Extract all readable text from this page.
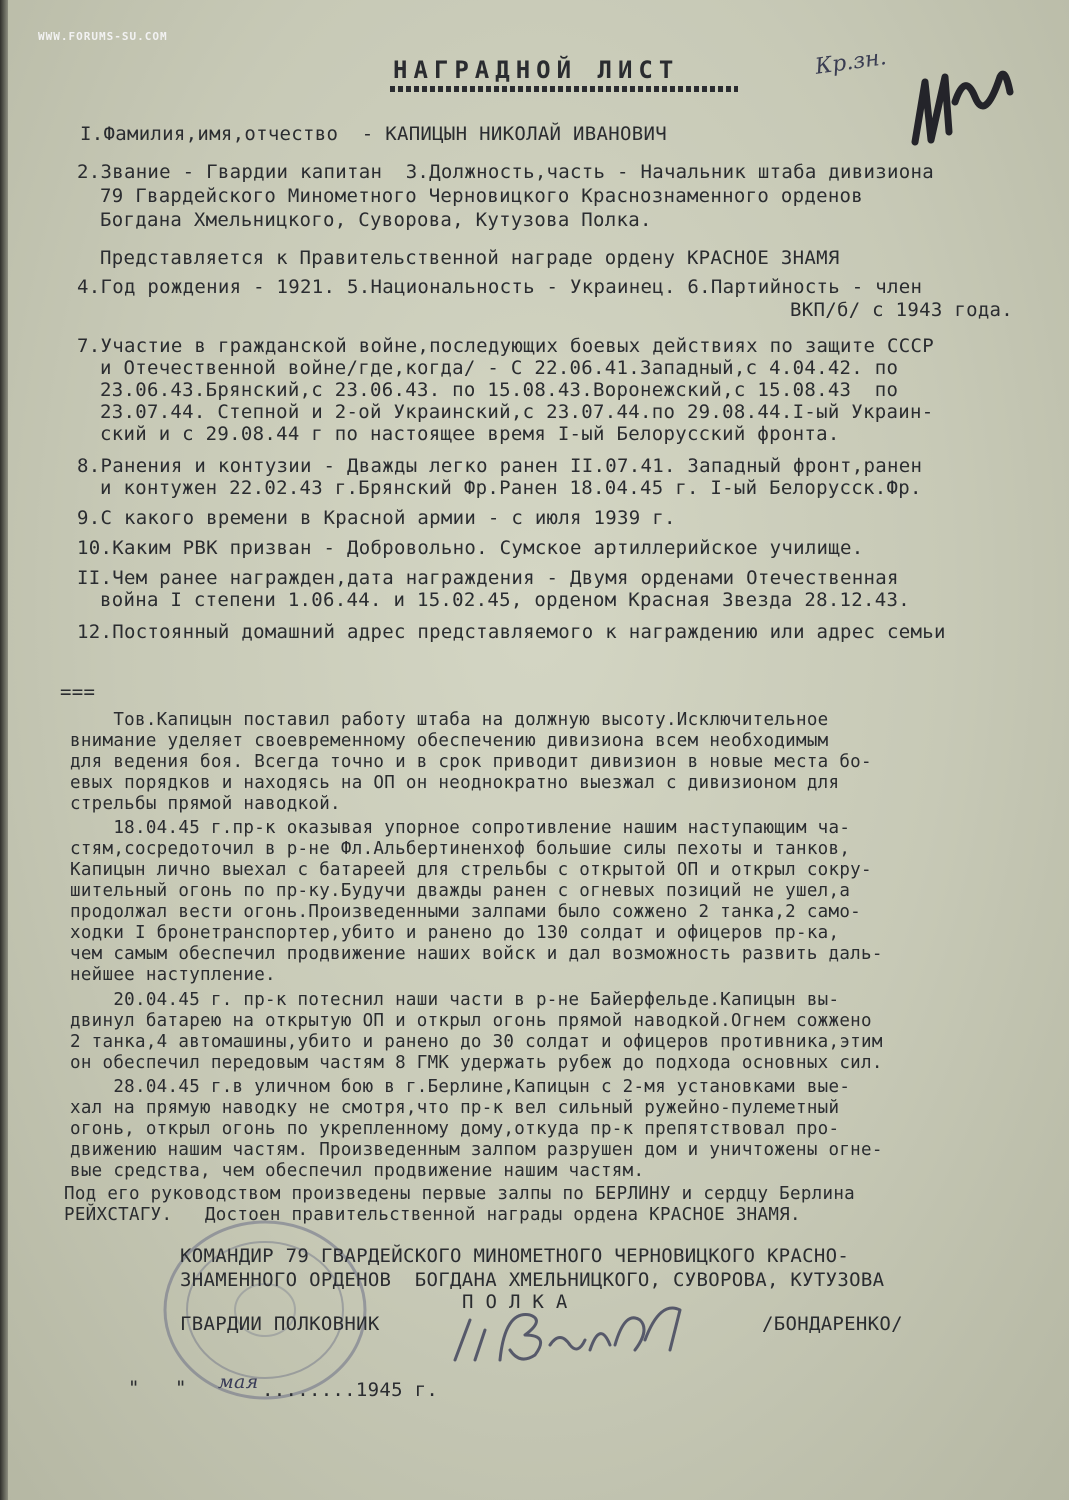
WWW.FORUMS-SU.COM
НАГРАДНОЙ ЛИСТ	Кр.зн.
I.Фамилия,имя,отчество  - КАПИЦЫН НИКОЛАЙ ИВАНОВИЧ
2.Звание - Гвардии капитан  3.Должность,часть - Начальник штаба дивизиона
79 Гвардейского Минометного Черновицкого Краснознаменного орденов
Богдана Хмельницкого, Суворова, Кутузова Полка.
Представляется к Правительственной награде ордену КРАСНОЕ ЗНАМЯ
4.Год рождения - 1921. 5.Национальность - Украинец. 6.Партийность - член
ВКП/б/ с 1943 года.
7.Участие в гражданской войне,последующих боевых действиях по защите СССР
и Отечественной войне/где,когда/ - С 22.06.41.Западный,с 4.04.42. по
23.06.43.Брянский,с 23.06.43. по 15.08.43.Воронежский,с 15.08.43  по
23.07.44. Степной и 2-ой Украинский,с 23.07.44.по 29.08.44.I-ый Украин-
ский и с 29.08.44 г по настоящее время I-ый Белорусский фронта.
8.Ранения и контузии - Дважды легко ранен II.07.41. Западный фронт,ранен
и контужен 22.02.43 г.Брянский Фр.Ранен 18.04.45 г. I-ый Белорусск.Фр.
9.С какого времени в Красной армии - с июля 1939 г.
10.Каким РВК призван - Добровольно. Сумское артиллерийское училище.
II.Чем ранее награжден,дата награждения - Двумя орденами Отечественная
война I степени 1.06.44. и 15.02.45, орденом Красная Звезда 28.12.43.
12.Постоянный домашний адрес представляемого к награждению или адрес семьи
===
Тов.Капицын поставил работу штаба на должную высоту.Исключительное
внимание уделяет своевременному обеспечению дивизиона всем необходимым
для ведения боя. Всегда точно и в срок приводит дивизион в новые места бо-
евых порядков и находясь на ОП он неоднократно выезжал с дивизионом для
стрельбы прямой наводкой.
18.04.45 г.пр-к оказывая упорное сопротивление нашим наступающим ча-
стям,сосредоточил в р-не Фл.Альбертиненхоф большие силы пехоты и танков,
Капицын лично выехал с батареей для стрельбы с открытой ОП и открыл сокру-
шительный огонь по пр-ку.Будучи дважды ранен с огневых позиций не ушел,а
продолжал вести огонь.Произведенными залпами было сожжено 2 танка,2 само-
ходки I бронетранспортер,убито и ранено до 130 солдат и офицеров пр-ка,
чем самым обеспечил продвижение наших войск и дал возможность развить даль-
нейшее наступление.
20.04.45 г. пр-к потеснил наши части в р-не Байерфельде.Капицын вы-
двинул батарею на открытую ОП и открыл огонь прямой наводкой.Огнем сожжено
2 танка,4 автомашины,убито и ранено до 30 солдат и офицеров противника,этим
он обеспечил передовым частям 8 ГМК удержать рубеж до подхода основных сил.
28.04.45 г.в уличном бою в г.Берлине,Капицын с 2-мя установками вые-
хал на прямую наводку не смотря,что пр-к вел сильный ружейно-пулеметный
огонь, открыл огонь по укрепленному дому,откуда пр-к препятствовал про-
движению нашим частям. Произведенным залпом разрушен дом и уничтожены огне-
вые средства, чем обеспечил продвижение нашим частям.
Под его руководством произведены первые залпы по БЕРЛИНУ и сердцу Берлина
РЕЙХСТАГУ.   Достоен правительственной награды ордена КРАСНОЕ ЗНАМЯ.
КОМАНДИР 79 ГВАРДЕЙСКОГО МИНОМЕТНОГО ЧЕРНОВИЦКОГО КРАСНО-
ЗНАМЕННОГО ОРДЕНОВ  БОГДАНА ХМЕЛЬНИЦКОГО, СУВОРОВА, КУТУЗОВА
П О Л К А
ГВАРДИИ ПОЛКОВНИК	/БОНДАРЕНКО/
"   " мая ........1945 г.
